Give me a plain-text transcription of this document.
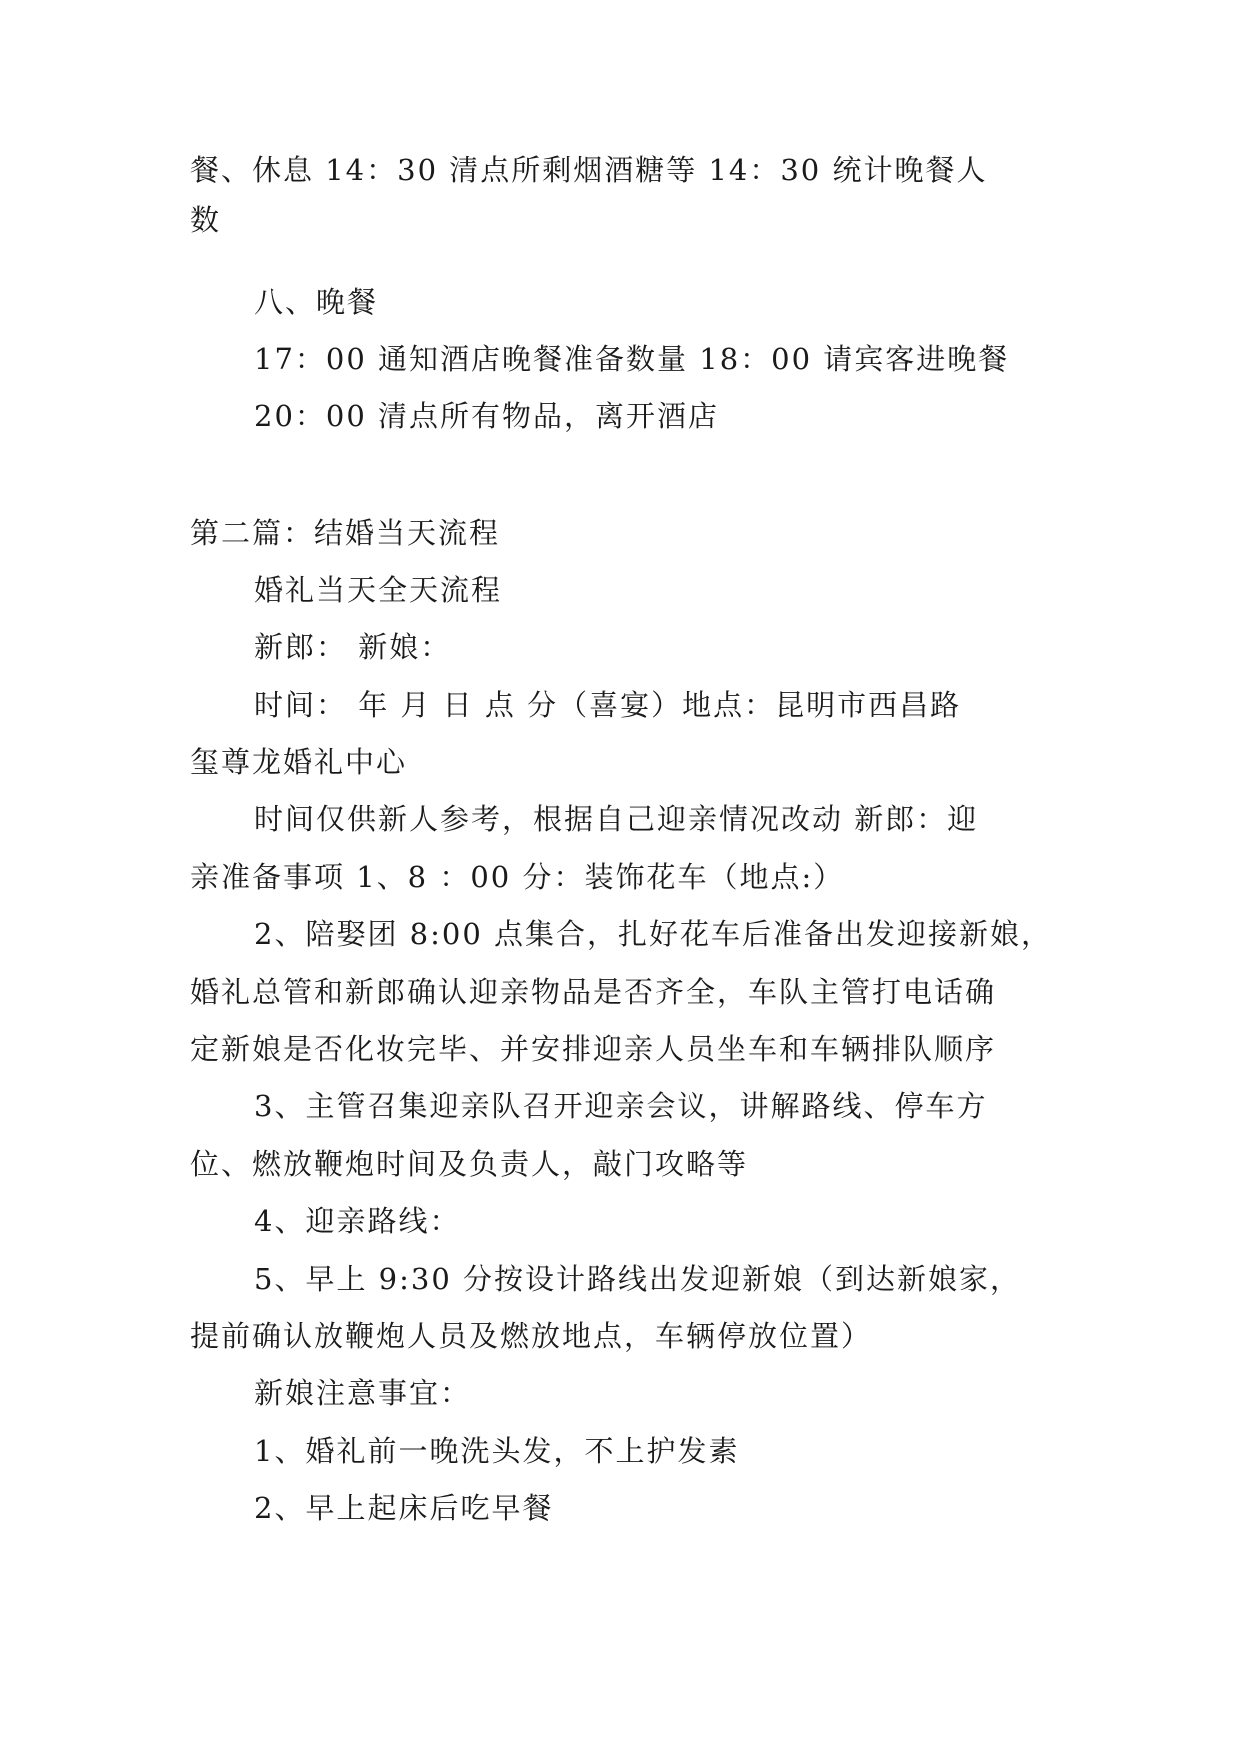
餐、休息 14：30 清点所剩烟酒糖等 14：30 统计晚餐人
数
八、晚餐
17：00 通知酒店晚餐准备数量 18：00 请宾客进晚餐
20：00 清点所有物品，离开酒店
第二篇：结婚当天流程
婚礼当天全天流程
新郎： 新娘：
时间： 年 月 日 点 分（喜宴）地点：昆明市西昌路
玺尊龙婚礼中心
时间仅供新人参考，根据自己迎亲情况改动 新郎：迎
亲准备事项 1、8 ：00 分：装饰花车（地点:）
2、陪娶团 8:00 点集合，扎好花车后准备出发迎接新娘，
婚礼总管和新郎确认迎亲物品是否齐全，车队主管打电话确
定新娘是否化妆完毕、并安排迎亲人员坐车和车辆排队顺序
3、主管召集迎亲队召开迎亲会议，讲解路线、停车方
位、燃放鞭炮时间及负责人，敲门攻略等
4、迎亲路线：
5、早上 9:30 分按设计路线出发迎新娘（到达新娘家，
提前确认放鞭炮人员及燃放地点，车辆停放位置）
新娘注意事宜：
1、婚礼前一晚洗头发，不上护发素
2、早上起床后吃早餐
